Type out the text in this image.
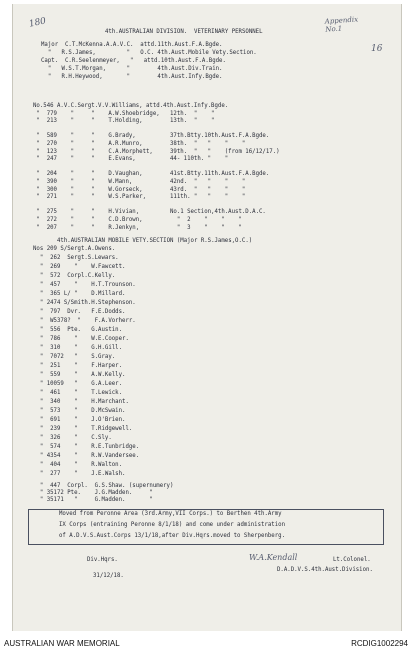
180	Appendix No.1
16
4th.AUSTRALIAN DIVISION.  VETERINARY PERSONNEL
Major  C.T.McKenna.A.A.V.C.  attd.11th.Aust.F.A.Bgde.
"   R.S.James,         "   O.C. 4th.Aust.Mobile Vety.Section.
Capt.  C.R.Seelenmeyer,   "   attd.10th.Aust.F.A.Bgde.
"   W.S.T.Morgan,      "        4th.Aust.Div.Train.
"   R.H.Heywood,       "        4th.Aust.Infy.Bgde.
No.546 A.V.C.Sergt.V.V.Williams, attd.4th.Aust.Infy.Bgde.
"  779    "     "    A.W.Shoebridge,   12th.  "    "
"  213    "     "    T.Holding,        13th.  "    "
"  589    "     "    G.Brady,          37th.Btty.10th.Aust.F.A.Bgde.
"  270    "     "    A.R.Munro,        38th.  "   "    "    "
"  123    "     "    C.A.Morphett,     39th.  "   "    (from 16/12/17.)
"  247    "     "    E.Evans,          44- 110th. "    "
"  204    "     "    D.Vaughan,        41st.Btty.11th.Aust.F.A.Bgde.
"  390    "     "    W.Mann,           42nd.  "   "    "    "
"  300    "     "    W.Gorseck,        43rd.  "   "    "    "
"  271    "     "    W.S.Parker,       111th. "   "    "    "
"  275    "     "    H.Vivian,         No.1 Section,4th.Aust.D.A.C.
"  272    "     "    C.D.Brown,          "  2    "    "    "
"  207    "     "    R.Jenkyn,           "  3    "    "    "
4th.AUSTRALIAN MOBILE VETY.SECTION (Major R.S.James,O.C.)
Nos 209 S/Sergt.A.Owens.
"  262  Sergt.S.Lewars.
"  269    "    W.Fawcett.
"  572  Corpl.C.Kelly.
"  457    "    H.T.Trounson.
"  365 L/ "    D.Millard.
" 2474 S/Smith.H.Stephenson.
"  797  Dvr.   F.E.Dodds.
"  W5378?  "    F.A.Vorherr.
"  556  Pte.   G.Austin.
"  786    "    W.E.Cooper.
"  310    "    G.H.Gill.
"  7072   "    S.Gray.
"  251    "    F.Harper.
"  559    "    A.W.Kelly.
" 10059   "    G.A.Leer.
"  461    "    T.Lewick.
"  340    "    H.Marchant.
"  573    "    D.McSwain.
"  691    "    J.O'Brien.
"  239    "    T.Ridgewell.
"  326    "    C.Sly.
"  574    "    R.E.Tunbridge.
" 4354    "    R.W.Vandersee.
"  404    "    R.Walton.
"  277    "    J.E.Walsh.
"  447  Corpl.  G.S.Shaw. (supernumery)
" 35172 Pte.    J.G.Madden.     "
" 35171   "     G.Madden.       "
Moved from Peronne Area (3rd.Army,VII Corps.) to Berthen 4th.Army
IX Corps (entraining Peronne 8/1/18) and come under administration
of A.D.V.S.Aust.Corps 13/1/18,after Div.Hqrs.moved to Sherpenberg.
Div.Hqrs.
31/12/18.
W.A.Kendall	Lt.Colonel.
D.A.D.V.S.4th.Aust.Division.
AUSTRALIAN WAR MEMORIAL	RCDIG1002294
